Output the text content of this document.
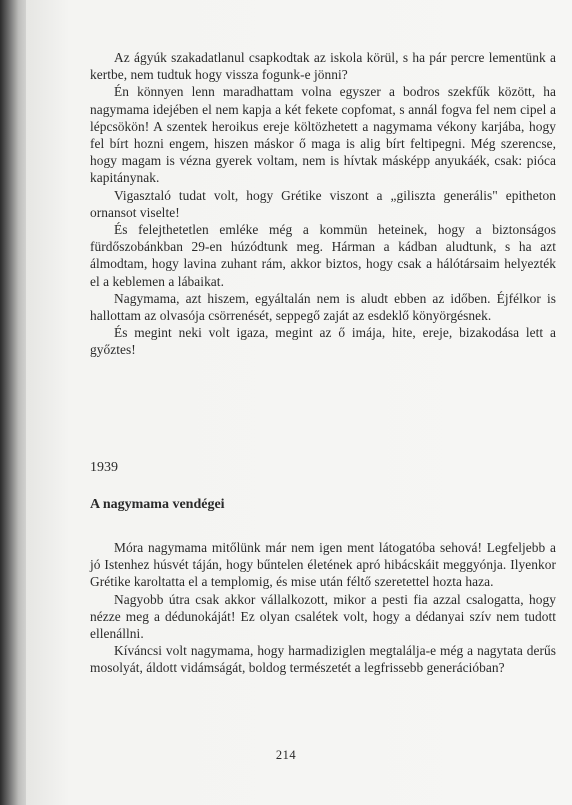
Az ágyúk szakadatlanul csapkodtak az iskola körül, s ha pár percre lementünk a kertbe, nem tudtuk hogy vissza fogunk-e jönni?

Én könnyen lenn maradhattam volna egyszer a bodros szekfűk között, ha nagymama idejében el nem kapja a két fekete copfomat, s annál fogva fel nem cipel a lépcsökön! A szentek heroikus ereje költözhetett a nagymama vékony karjába, hogy fel bírt hozni engem, hiszen máskor ő maga is alig bírt feltipegni. Még szerencse, hogy magam is vézna gyerek voltam, nem is hívtak másképp anyukáék, csak: pióca kapitánynak.

Vigasztaló tudat volt, hogy Grétike viszont a „giliszta generális" epitheton ornansot viselte!

És felejthetetlen emléke még a kommün heteinek, hogy a biztonságos fürdőszobánkban 29-en húzódtunk meg. Hárman a kádban aludtunk, s ha azt álmodtam, hogy lavina zuhant rám, akkor biztos, hogy csak a hálótársaim helyezték el a keblemen a lábaikat.

Nagymama, azt hiszem, egyáltalán nem is aludt ebben az időben. Éjfélkor is hallottam az olvasója csörrenését, seppegő zaját az esdeklő könyörgésnek.

És megint neki volt igaza, megint az ő imája, hite, ereje, bizakodása lett a győztes!

1939
A nagymama vendégei

Móra nagymama mitőlünk már nem igen ment látogatóba sehová! Legfeljebb a jó Istenhez húsvét táján, hogy bűntelen életének apró hibácskáit meggyónja. Ilyenkor Grétike karoltatta el a templomig, és mise után féltő szeretettel hozta haza.

Nagyobb útra csak akkor vállalkozott, mikor a pesti fia azzal csalogatta, hogy nézze meg a dédunokáját! Ez olyan csalétek volt, hogy a dédanyai szív nem tudott ellenállni.

Kíváncsi volt nagymama, hogy harmadiziglen megtalálja-e még a nagytata derűs mosolyát, áldott vidámságát, boldog természetét a legfrissebb generációban?

214
